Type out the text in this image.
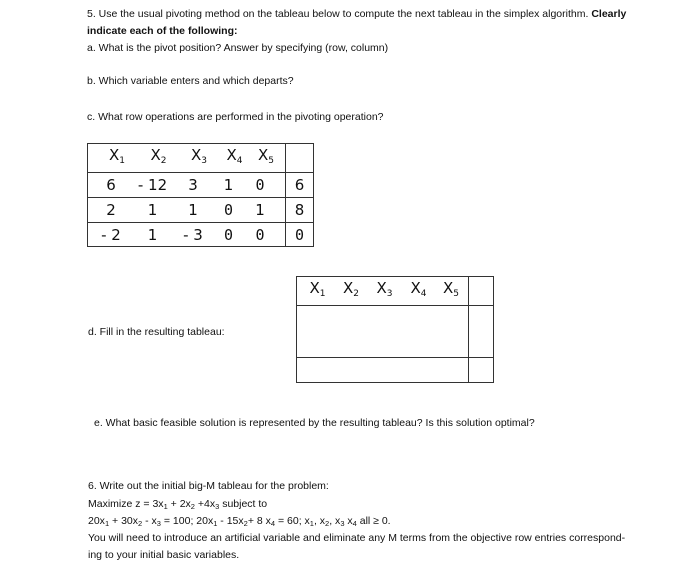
5. Use the usual pivoting method on the tableau below to compute the next tableau in the simplex algorithm. Clearly

indicate each of the following:

a. What is the pivot position? Answer by specifying (row, column)

b. Which variable enters and which departs?

c. What row operations are performed in the pivoting operation?

$X_1$ $X_2$ $X_3$ $X_4$ $X_5$

6 - 12 3 1 0	6

2 1 1 0 1	8

- 2 1 - 3 0 0	0
$X_1$ $X_2$ $X_3$ $X_4$ $X_5$

d. Fill in the resulting tableau:

e. What basic feasible solution is represented by the resulting tableau? Is this solution optimal?

6. Write out the initial big-M tableau for the problem:

Maximize z = 3x1 + 2x2 +4x3 subject to

20x1 + 30x2 - x3 = 100; 20x1 - 15x2+ 8 x4 = 60; x1, x2, x3 x4 all ≥ 0.

You will need to introduce an artificial variable and eliminate any M terms from the objective row entries correspond-

ing to your initial basic variables.
